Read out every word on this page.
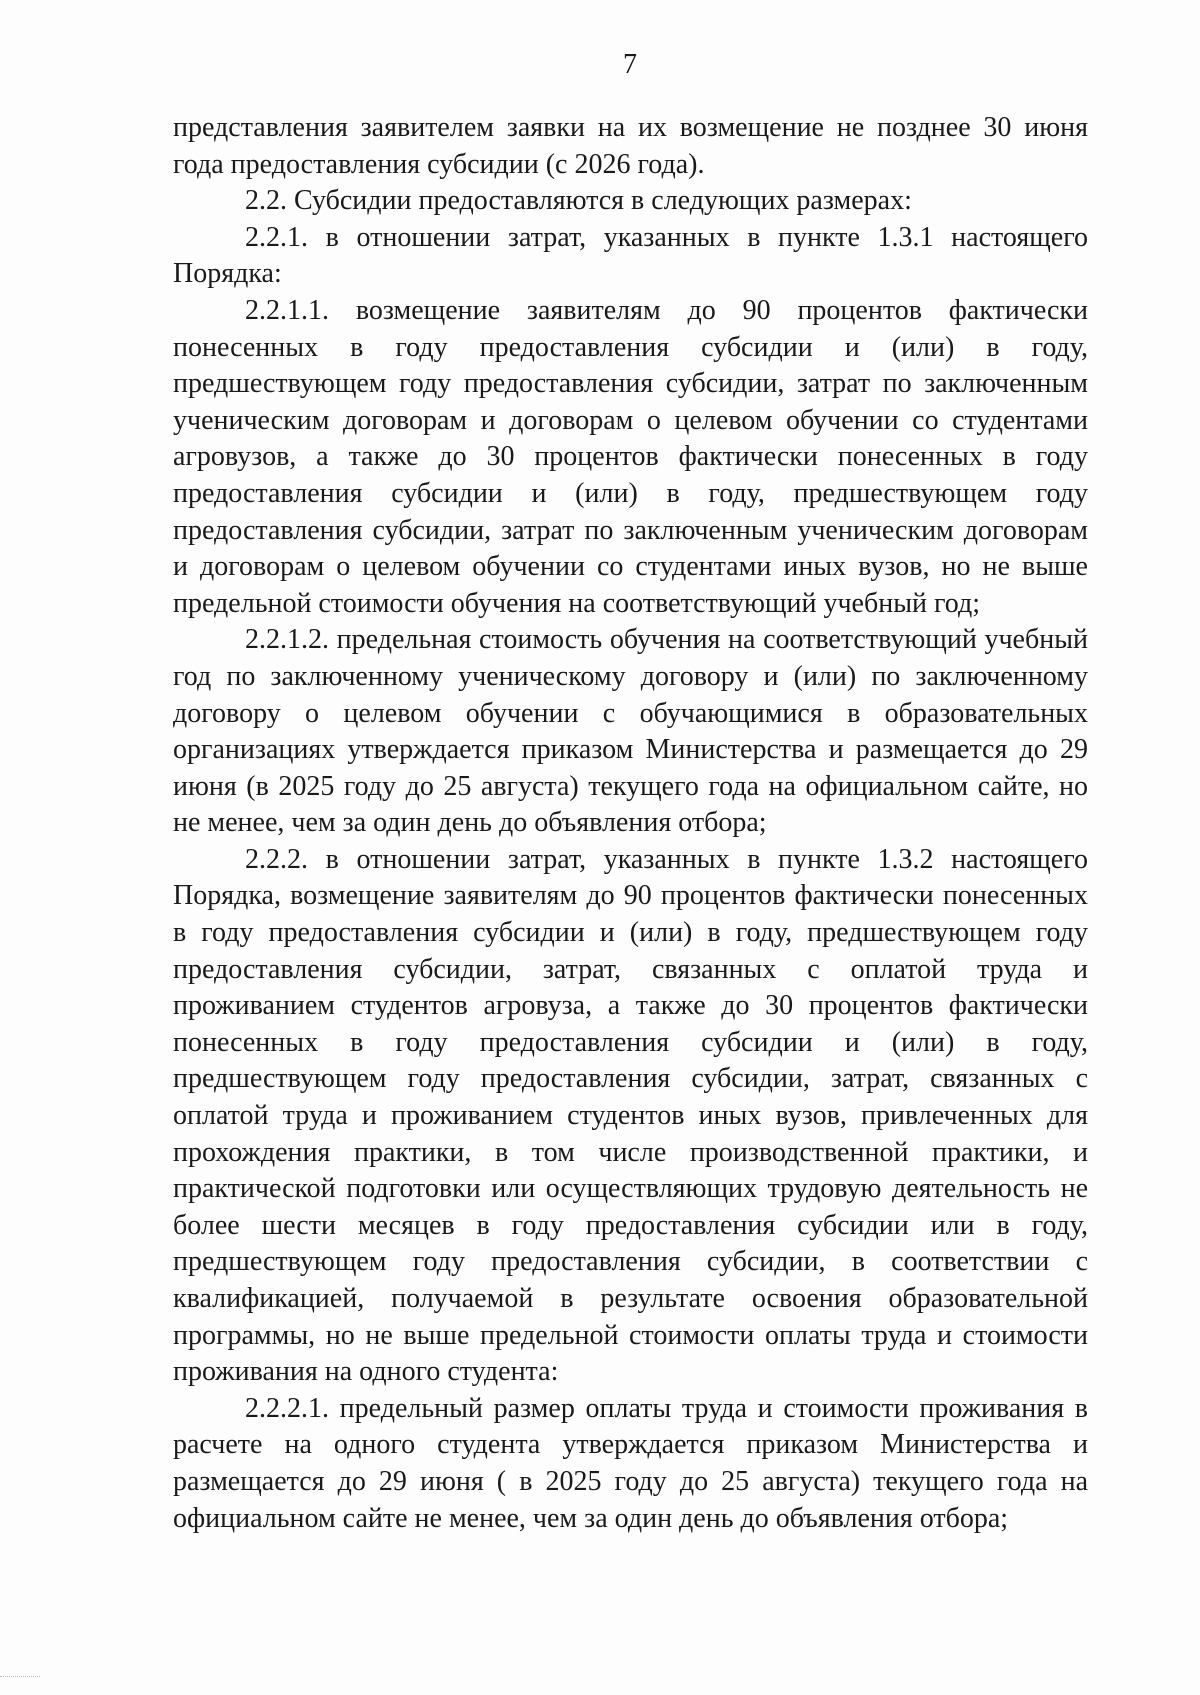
7

представления заявителем заявки на их возмещение не позднее 30 июня года предоставления субсидии (с 2026 года).

2.2. Субсидии предоставляются в следующих размерах:

2.2.1. в отношении затрат, указанных в пункте 1.3.1 настоящего Порядка:

2.2.1.1. возмещение заявителям до 90 процентов фактически понесенных в году предоставления субсидии и (или) в году, предшествующем году предоставления субсидии, затрат по заключенным ученическим договорам и договорам о целевом обучении со студентами агровузов, а также до 30 процентов фактически понесенных в году предоставления субсидии и (или) в году, предшествующем году предоставления субсидии, затрат по заключенным ученическим договорам и договорам о целевом обучении со студентами иных вузов, но не выше предельной стоимости обучения на соответствующий учебный год;

2.2.1.2. предельная стоимость обучения на соответствующий учебный год по заключенному ученическому договору и (или) по заключенному договору о целевом обучении с обучающимися в образовательных организациях утверждается приказом Министерства и размещается до 29 июня (в 2025 году до 25 августа) текущего года на официальном сайте, но не менее, чем за один день до объявления отбора;

2.2.2. в отношении затрат, указанных в пункте 1.3.2 настоящего Порядка, возмещение заявителям до 90 процентов фактически понесенных в году предоставления субсидии и (или) в году, предшествующем году предоставления субсидии, затрат, связанных с оплатой труда и проживанием студентов агровуза, а также до 30 процентов фактически понесенных в году предоставления субсидии и (или) в году, предшествующем году предоставления субсидии, затрат, связанных с оплатой труда и проживанием студентов иных вузов, привлеченных для прохождения практики, в том числе производственной практики, и практической подготовки или осуществляющих трудовую деятельность не более шести месяцев в году предоставления субсидии или в году, предшествующем году предоставления субсидии, в соответствии с квалификацией, получаемой в результате освоения образовательной программы, но не выше предельной стоимости оплаты труда и стоимости проживания на одного студента:

2.2.2.1. предельный размер оплаты труда и стоимости проживания в расчете на одного студента утверждается приказом Министерства и размещается до 29 июня ( в 2025 году до 25 августа) текущего года на официальном сайте не менее, чем за один день до объявления отбора;
